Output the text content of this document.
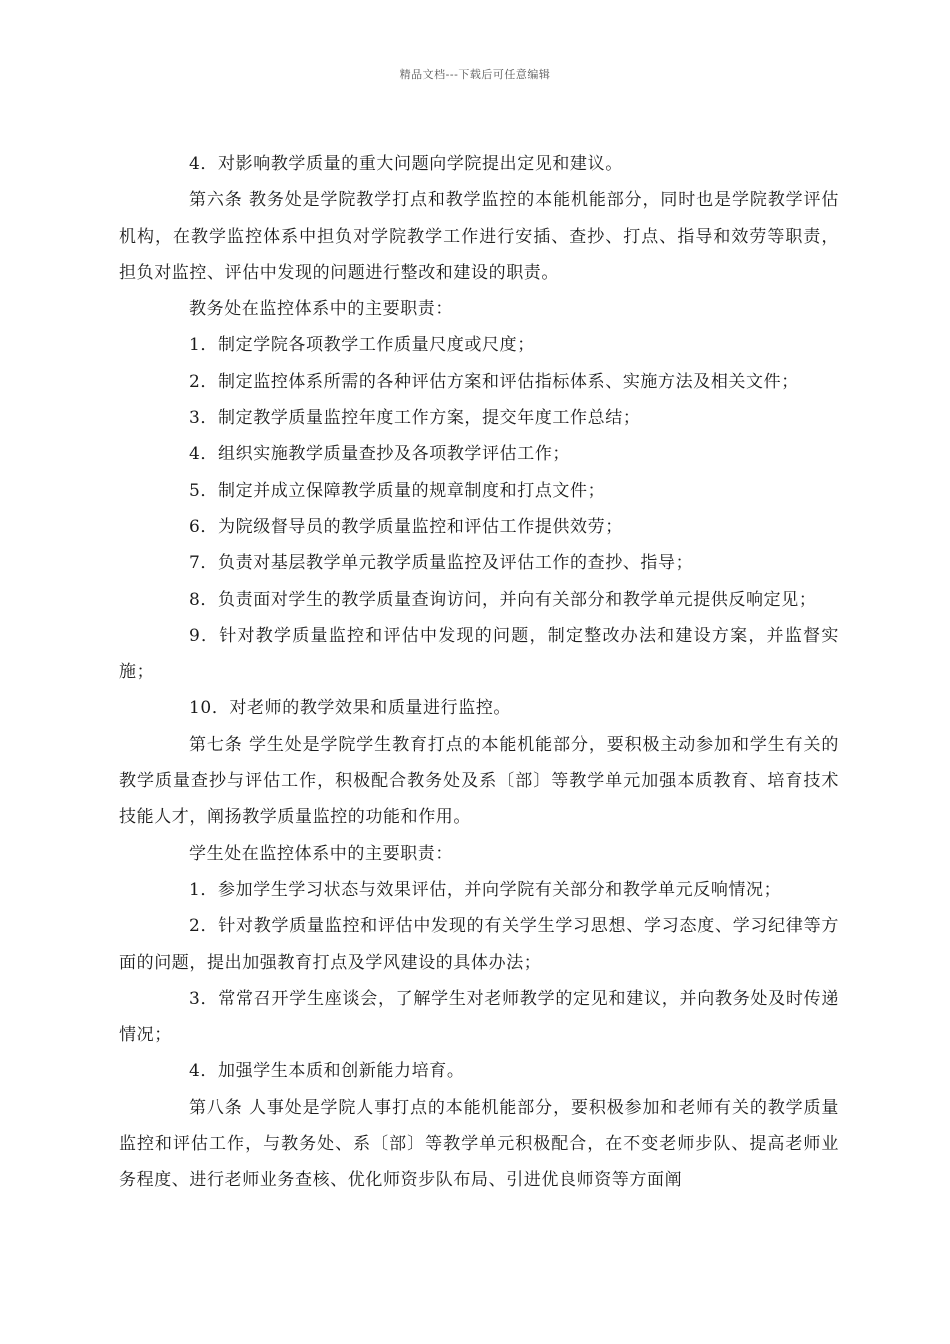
精品文档---下载后可任意编辑

4．对影响教学质量的重大问题向学院提出定见和建议。

第六条 教务处是学院教学打点和教学监控的本能机能部分，同时也是学院教学评估机构，在教学监控体系中担负对学院教学工作进行安插、查抄、打点、指导和效劳等职责，担负对监控、评估中发现的问题进行整改和建设的职责。

教务处在监控体系中的主要职责：

1．制定学院各项教学工作质量尺度或尺度；

2．制定监控体系所需的各种评估方案和评估指标体系、实施方法及相关文件；

3．制定教学质量监控年度工作方案，提交年度工作总结；

4．组织实施教学质量查抄及各项教学评估工作；

5．制定并成立保障教学质量的规章制度和打点文件；

6．为院级督导员的教学质量监控和评估工作提供效劳；

7．负责对基层教学单元教学质量监控及评估工作的查抄、指导；

8．负责面对学生的教学质量查询访问，并向有关部分和教学单元提供反响定见；

9．针对教学质量监控和评估中发现的问题，制定整改办法和建设方案，并监督实施；

10．对老师的教学效果和质量进行监控。

第七条 学生处是学院学生教育打点的本能机能部分，要积极主动参加和学生有关的教学质量查抄与评估工作，积极配合教务处及系〔部〕等教学单元加强本质教育、培育技术技能人才，阐扬教学质量监控的功能和作用。

学生处在监控体系中的主要职责：

1．参加学生学习状态与效果评估，并向学院有关部分和教学单元反响情况；

2．针对教学质量监控和评估中发现的有关学生学习思想、学习态度、学习纪律等方面的问题，提出加强教育打点及学风建设的具体办法；

3．常常召开学生座谈会，了解学生对老师教学的定见和建议，并向教务处及时传递情况；

4．加强学生本质和创新能力培育。

第八条 人事处是学院人事打点的本能机能部分，要积极参加和老师有关的教学质量监控和评估工作，与教务处、系〔部〕等教学单元积极配合，在不变老师步队、提高老师业务程度、进行老师业务查核、优化师资步队布局、引进优良师资等方面阐
